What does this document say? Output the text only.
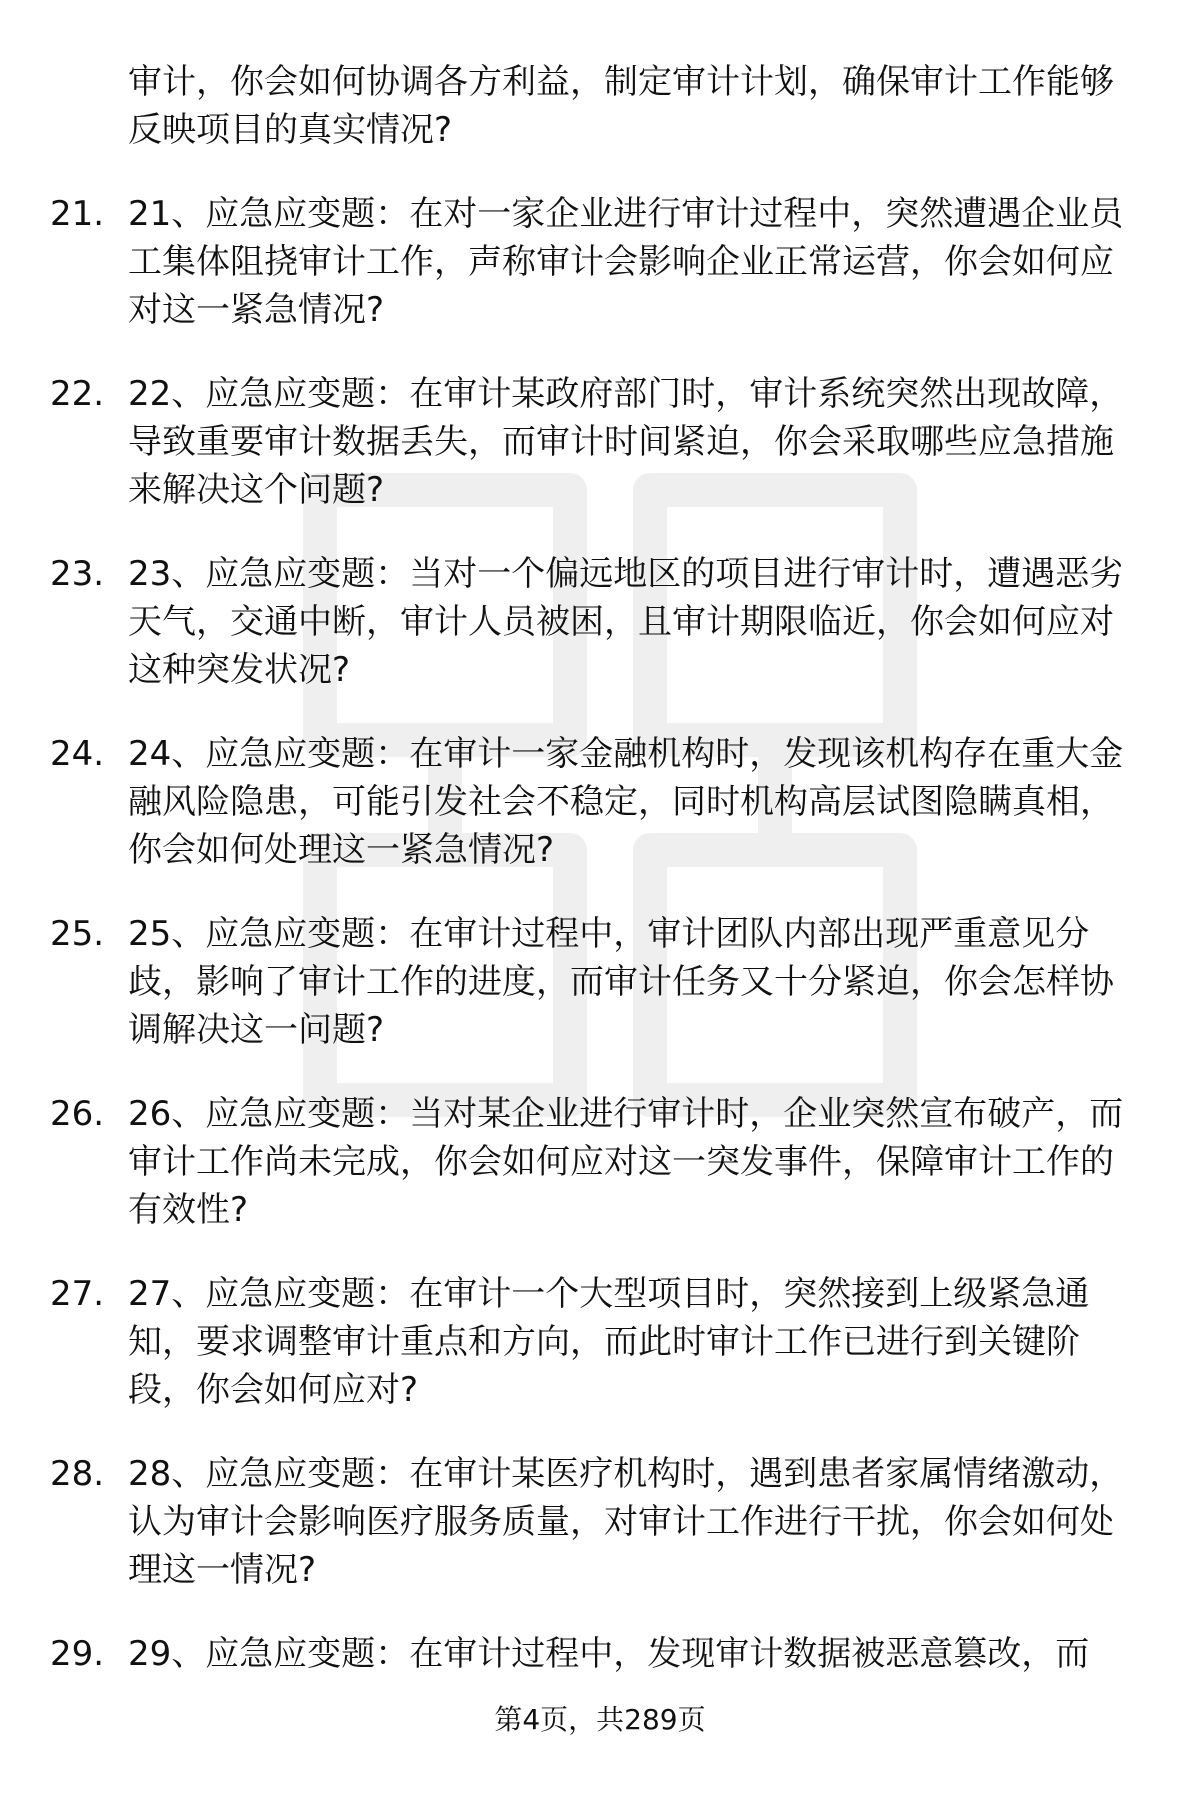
审计，你会如何协调各方利益，制定审计计划，确保审计工作能够反映项目的真实情况?

21. 21、应急应变题：在对一家企业进行审计过程中，突然遭遇企业员工集体阻挠审计工作，声称审计会影响企业正常运营，你会如何应对这一紧急情况?

22. 22、应急应变题：在审计某政府部门时，审计系统突然出现故障，导致重要审计数据丢失，而审计时间紧迫，你会采取哪些应急措施来解决这个问题?

23. 23、应急应变题：当对一个偏远地区的项目进行审计时，遭遇恶劣天气，交通中断，审计人员被困，且审计期限临近，你会如何应对这种突发状况?

24. 24、应急应变题：在审计一家金融机构时，发现该机构存在重大金融风险隐患，可能引发社会不稳定，同时机构高层试图隐瞒真相，你会如何处理这一紧急情况?

25. 25、应急应变题：在审计过程中，审计团队内部出现严重意见分歧，影响了审计工作的进度，而审计任务又十分紧迫，你会怎样协调解决这一问题?

26. 26、应急应变题：当对某企业进行审计时，企业突然宣布破产，而审计工作尚未完成，你会如何应对这一突发事件，保障审计工作的有效性?

27. 27、应急应变题：在审计一个大型项目时，突然接到上级紧急通知，要求调整审计重点和方向，而此时审计工作已进行到关键阶段，你会如何应对?

28. 28、应急应变题：在审计某医疗机构时，遇到患者家属情绪激动，认为审计会影响医疗服务质量，对审计工作进行干扰，你会如何处理这一情况?

29. 29、应急应变题：在审计过程中，发现审计数据被恶意篡改，而

第4页，共289页
